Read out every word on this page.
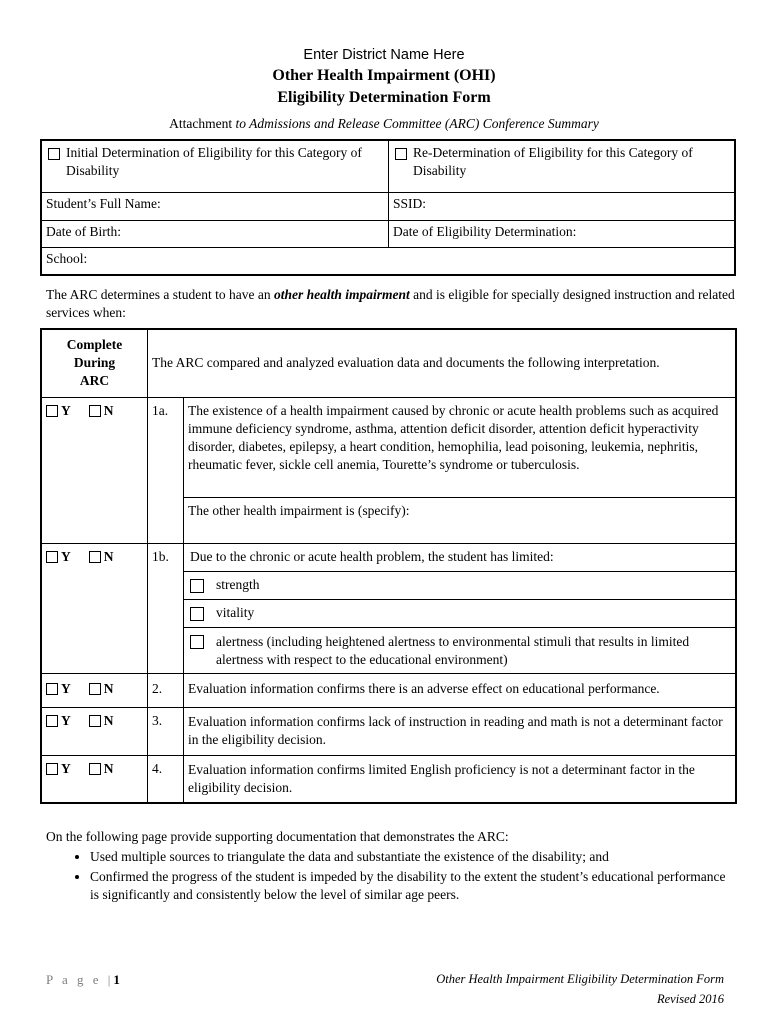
Enter District Name Here
Other Health Impairment (OHI)
Eligibility Determination Form
Attachment to Admissions and Release Committee (ARC) Conference Summary
Initial Determination of Eligibility for this Category of Disability	Re-Determination of Eligibility for this Category of Disability

Student’s Full Name:	SSID:
Date of Birth:	Date of Eligibility Determination:
School:	
The ARC determines a student to have an other health impairment and is eligible for specially designed instruction and related services when:
Complete
During
ARC	The ARC compared and analyzed evaluation data and documents the following interpretation.	
Y N	1a.	The existence of a health impairment caused by chronic or acute health problems such as acquired immune deficiency syndrome, asthma, attention deficit disorder, attention deficit hyperactivity disorder, diabetes, epilepsy, a heart condition, hemophilia, lead poisoning, leukemia, nephritis, rheumatic fever, sickle cell anemia, Tourette’s syndrome or tuberculosis.
		The other health impairment is (specify):
Y N	1b.	Due to the chronic or acute health problem, the student has limited:

		strength

		vitality

		alertness (including heightened alertness to environmental stimuli that results in limited alertness with respect to the educational environment)

Y N	2.	Evaluation information confirms there is an adverse effect on educational performance.
Y N	3.	Evaluation information confirms lack of instruction in reading and math is not a determinant factor in the eligibility decision.
Y N	4.	Evaluation information confirms limited English proficiency is not a determinant factor in the eligibility decision.
On the following page provide supporting documentation that demonstrates the ARC:
• Used multiple sources to triangulate the data and substantiate the existence of the disability; and
• Confirmed the progress of the student is impeded by the disability to the extent the student’s educational performance is significantly and consistently below the level of similar age peers.
P a g e |1	Other Health Impairment Eligibility Determination Form
Revised 2016
